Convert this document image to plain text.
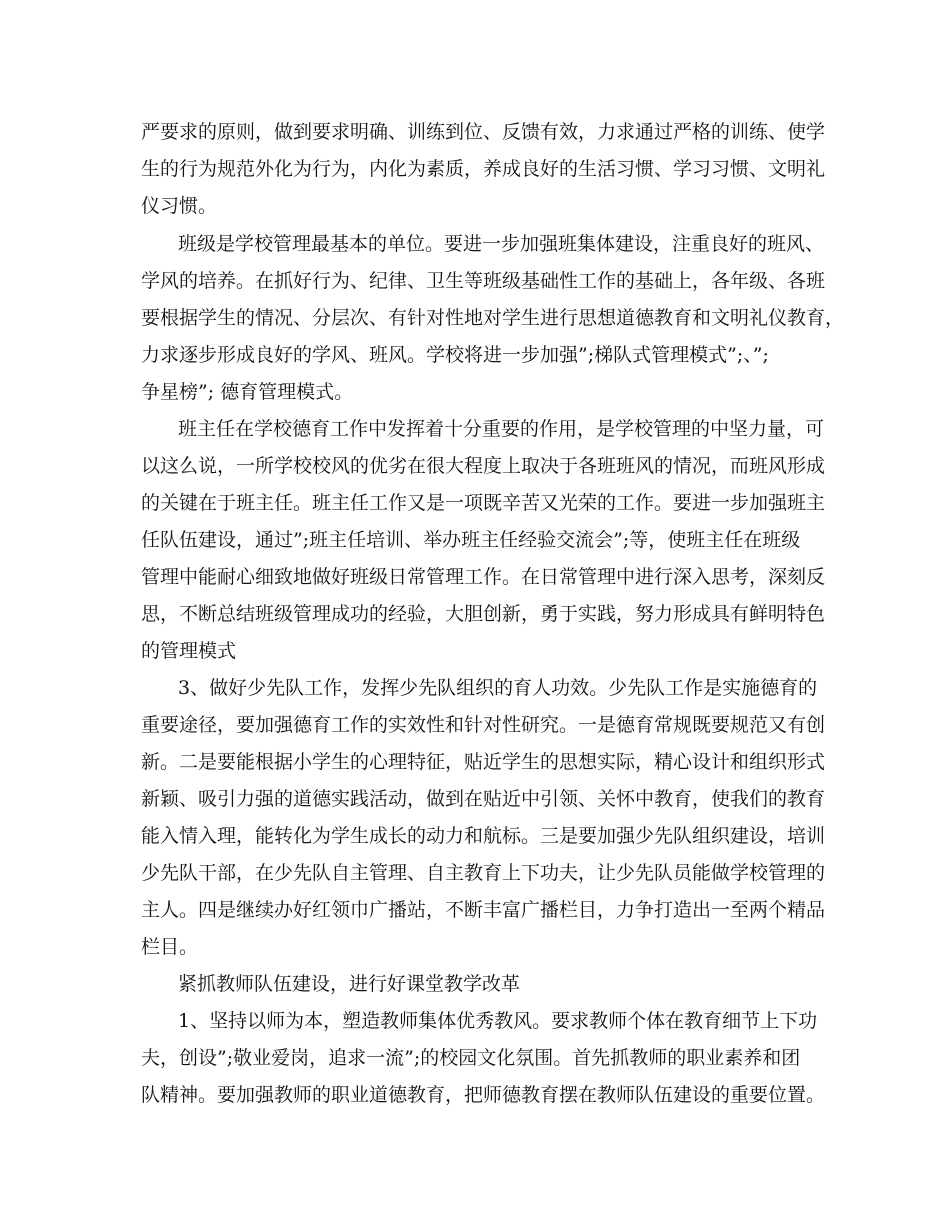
严要求的原则，做到要求明确、训练到位、反馈有效，力求通过严格的训练、使学
生的行为规范外化为行为，内化为素质，养成良好的生活习惯、学习习惯、文明礼
仪习惯。
班级是学校管理最基本的单位。要进一步加强班集体建设，注重良好的班风、
学风的培养。在抓好行为、纪律、卫生等班级基础性工作的基础上，各年级、各班
要根据学生的情况、分层次、有针对性地对学生进行思想道德教育和文明礼仪教育，
力求逐步形成良好的学风、班风。学校将进一步加强”;梯队式管理模式”;、”;
争星榜”; 德育管理模式。
班主任在学校德育工作中发挥着十分重要的作用，是学校管理的中坚力量，可
以这么说，一所学校校风的优劣在很大程度上取决于各班班风的情况，而班风形成
的关键在于班主任。班主任工作又是一项既辛苦又光荣的工作。要进一步加强班主
任队伍建设，通过”;班主任培训、举办班主任经验交流会”;等，使班主任在班级
管理中能耐心细致地做好班级日常管理工作。在日常管理中进行深入思考，深刻反
思，不断总结班级管理成功的经验，大胆创新，勇于实践，努力形成具有鲜明特色
的管理模式
3、做好少先队工作，发挥少先队组织的育人功效。少先队工作是实施德育的
重要途径，要加强德育工作的实效性和针对性研究。一是德育常规既要规范又有创
新。二是要能根据小学生的心理特征，贴近学生的思想实际，精心设计和组织形式
新颖、吸引力强的道德实践活动，做到在贴近中引领、关怀中教育，使我们的教育
能入情入理，能转化为学生成长的动力和航标。三是要加强少先队组织建设，培训
少先队干部，在少先队自主管理、自主教育上下功夫，让少先队员能做学校管理的
主人。四是继续办好红领巾广播站，不断丰富广播栏目，力争打造出一至两个精品
栏目。
紧抓教师队伍建设，进行好课堂教学改革
1、坚持以师为本，塑造教师集体优秀教风。要求教师个体在教育细节上下功
夫，创设”;敬业爱岗，追求一流”;的校园文化氛围。首先抓教师的职业素养和团
队精神。要加强教师的职业道德教育，把师德教育摆在教师队伍建设的重要位置。
